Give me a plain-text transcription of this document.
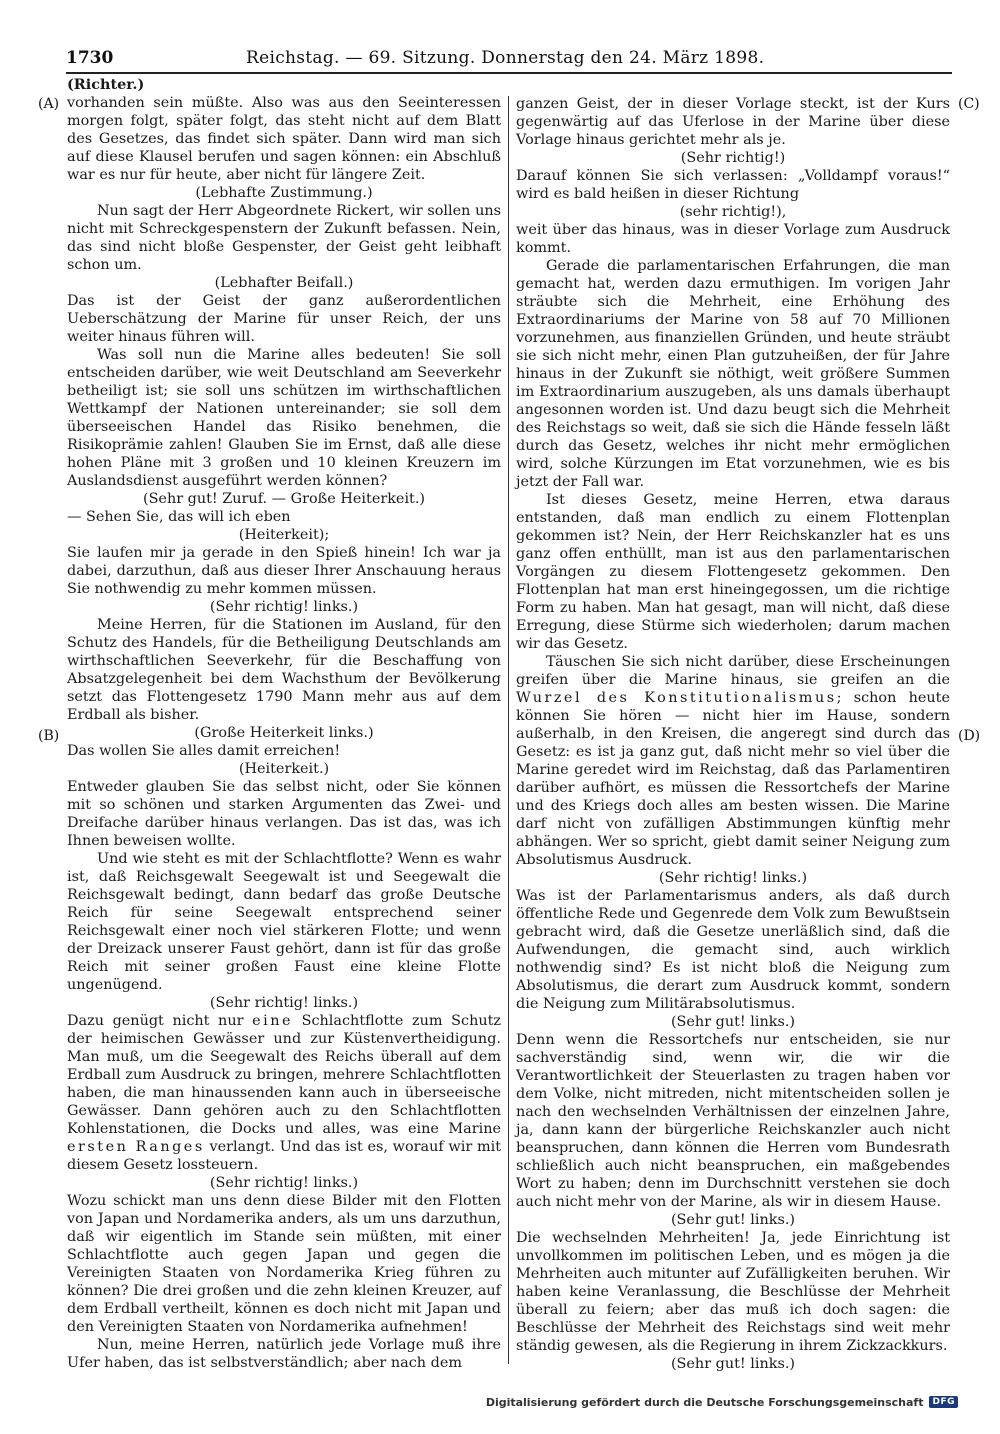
1730	Reichstag. — 69. Sitzung. Donnerstag den 24. März 1898.
(A)
(B)
(C)
(D)

(Richter.)

vorhanden sein müßte. Also was aus den Seeinteressen morgen folgt, später folgt, das steht nicht auf dem Blatt des Gesetzes, das findet sich später. Dann wird man sich auf diese Klausel berufen und sagen können: ein Abschluß war es nur für heute, aber nicht für längere Zeit.

(Lebhafte Zustimmung.)

Nun sagt der Herr Abgeordnete Rickert, wir sollen uns nicht mit Schreckgespenstern der Zukunft befassen. Nein, das sind nicht bloße Gespenster, der Geist geht leibhaft schon um.

(Lebhafter Beifall.)

Das ist der Geist der ganz außerordentlichen Ueberschätzung der Marine für unser Reich, der uns weiter hinaus führen will.

Was soll nun die Marine alles bedeuten! Sie soll entscheiden darüber, wie weit Deutschland am Seeverkehr betheiligt ist; sie soll uns schützen im wirthschaftlichen Wettkampf der Nationen untereinander; sie soll dem überseeischen Handel das Risiko benehmen, die Risikoprämie zahlen! Glauben Sie im Ernst, daß alle diese hohen Pläne mit 3 großen und 10 kleinen Kreuzern im Auslandsdienst ausgeführt werden können?

(Sehr gut! Zuruf. — Große Heiterkeit.)

— Sehen Sie, das will ich eben

(Heiterkeit);

Sie laufen mir ja gerade in den Spieß hinein! Ich war ja dabei, darzuthun, daß aus dieser Ihrer Anschauung heraus Sie nothwendig zu mehr kommen müssen.

(Sehr richtig! links.)

Meine Herren, für die Stationen im Ausland, für den Schutz des Handels, für die Betheiligung Deutschlands am wirthschaftlichen Seeverkehr, für die Beschaffung von Absatzgelegenheit bei dem Wachsthum der Bevölkerung setzt das Flottengesetz 1790 Mann mehr aus auf dem Erdball als bisher.

(Große Heiterkeit links.)

Das wollen Sie alles damit erreichen!

(Heiterkeit.)

Entweder glauben Sie das selbst nicht, oder Sie können mit so schönen und starken Argumenten das Zwei- und Dreifache darüber hinaus verlangen. Das ist das, was ich Ihnen beweisen wollte.

Und wie steht es mit der Schlachtflotte? Wenn es wahr ist, daß Reichsgewalt Seegewalt ist und Seegewalt die Reichsgewalt bedingt, dann bedarf das große Deutsche Reich für seine Seegewalt entsprechend seiner Reichsgewalt einer noch viel stärkeren Flotte; und wenn der Dreizack unserer Faust gehört, dann ist für das große Reich mit seiner großen Faust eine kleine Flotte ungenügend.

(Sehr richtig! links.)

Dazu genügt nicht nur eine Schlachtflotte zum Schutz der heimischen Gewässer und zur Küstenvertheidigung. Man muß, um die Seegewalt des Reichs überall auf dem Erdball zum Ausdruck zu bringen, mehrere Schlachtflotten haben, die man hinaussenden kann auch in überseeische Gewässer. Dann gehören auch zu den Schlachtflotten Kohlenstationen, die Docks und alles, was eine Marine ersten Ranges verlangt. Und das ist es, worauf wir mit diesem Gesetz lossteuern.

(Sehr richtig! links.)

Wozu schickt man uns denn diese Bilder mit den Flotten von Japan und Nordamerika anders, als um uns darzuthun, daß wir eigentlich im Stande sein müßten, mit einer Schlachtflotte auch gegen Japan und gegen die Vereinigten Staaten von Nordamerika Krieg führen zu können? Die drei großen und die zehn kleinen Kreuzer, auf dem Erdball vertheilt, können es doch nicht mit Japan und den Vereinigten Staaten von Nordamerika aufnehmen!

Nun, meine Herren, natürlich jede Vorlage muß ihre Ufer haben, das ist selbstverständlich; aber nach dem

ganzen Geist, der in dieser Vorlage steckt, ist der Kurs gegenwärtig auf das Uferlose in der Marine über diese Vorlage hinaus gerichtet mehr als je.

(Sehr richtig!)

Darauf können Sie sich verlassen: „Volldampf voraus!“ wird es bald heißen in dieser Richtung

(sehr richtig!),

weit über das hinaus, was in dieser Vorlage zum Ausdruck kommt.

Gerade die parlamentarischen Erfahrungen, die man gemacht hat, werden dazu ermuthigen. Im vorigen Jahr sträubte sich die Mehrheit, eine Erhöhung des Extraordinariums der Marine von 58 auf 70 Millionen vorzunehmen, aus finanziellen Gründen, und heute sträubt sie sich nicht mehr, einen Plan gutzuheißen, der für Jahre hinaus in der Zukunft sie nöthigt, weit größere Summen im Extraordinarium auszugeben, als uns damals überhaupt angesonnen worden ist. Und dazu beugt sich die Mehrheit des Reichstags so weit, daß sie sich die Hände fesseln läßt durch das Gesetz, welches ihr nicht mehr ermöglichen wird, solche Kürzungen im Etat vorzunehmen, wie es bis jetzt der Fall war.

Ist dieses Gesetz, meine Herren, etwa daraus entstanden, daß man endlich zu einem Flottenplan gekommen ist? Nein, der Herr Reichskanzler hat es uns ganz offen enthüllt, man ist aus den parlamentarischen Vorgängen zu diesem Flottengesetz gekommen. Den Flottenplan hat man erst hineingegossen, um die richtige Form zu haben. Man hat gesagt, man will nicht, daß diese Erregung, diese Stürme sich wiederholen; darum machen wir das Gesetz.

Täuschen Sie sich nicht darüber, diese Erscheinungen greifen über die Marine hinaus, sie greifen an die Wurzel des Konstitutionalismus; schon heute können Sie hören — nicht hier im Hause, sondern außerhalb, in den Kreisen, die angeregt sind durch das Gesetz: es ist ja ganz gut, daß nicht mehr so viel über die Marine geredet wird im Reichstag, daß das Parlamentiren darüber aufhört, es müssen die Ressortchefs der Marine und des Kriegs doch alles am besten wissen. Die Marine darf nicht von zufälligen Abstimmungen künftig mehr abhängen. Wer so spricht, giebt damit seiner Neigung zum Absolutismus Ausdruck.

(Sehr richtig! links.)

Was ist der Parlamentarismus anders, als daß durch öffentliche Rede und Gegenrede dem Volk zum Bewußtsein gebracht wird, daß die Gesetze unerläßlich sind, daß die Aufwendungen, die gemacht sind, auch wirklich nothwendig sind? Es ist nicht bloß die Neigung zum Absolutismus, die derart zum Ausdruck kommt, sondern die Neigung zum Militärabsolutismus.

(Sehr gut! links.)

Denn wenn die Ressortchefs nur entscheiden, sie nur sachverständig sind, wenn wir, die wir die Verantwortlichkeit der Steuerlasten zu tragen haben vor dem Volke, nicht mitreden, nicht mitentscheiden sollen je nach den wechselnden Verhältnissen der einzelnen Jahre, ja, dann kann der bürgerliche Reichskanzler auch nicht beanspruchen, dann können die Herren vom Bundesrath schließlich auch nicht beanspruchen, ein maßgebendes Wort zu haben; denn im Durchschnitt verstehen sie doch auch nicht mehr von der Marine, als wir in diesem Hause.

(Sehr gut! links.)

Die wechselnden Mehrheiten! Ja, jede Einrichtung ist unvollkommen im politischen Leben, und es mögen ja die Mehrheiten auch mitunter auf Zufälligkeiten beruhen. Wir haben keine Veranlassung, die Beschlüsse der Mehrheit überall zu feiern; aber das muß ich doch sagen: die Beschlüsse der Mehrheit des Reichstags sind weit mehr ständig gewesen, als die Regierung in ihrem Zickzackkurs.

(Sehr gut! links.)

Digitalisierung gefördert durch die Deutsche Forschungsgemeinschaft	DFG
